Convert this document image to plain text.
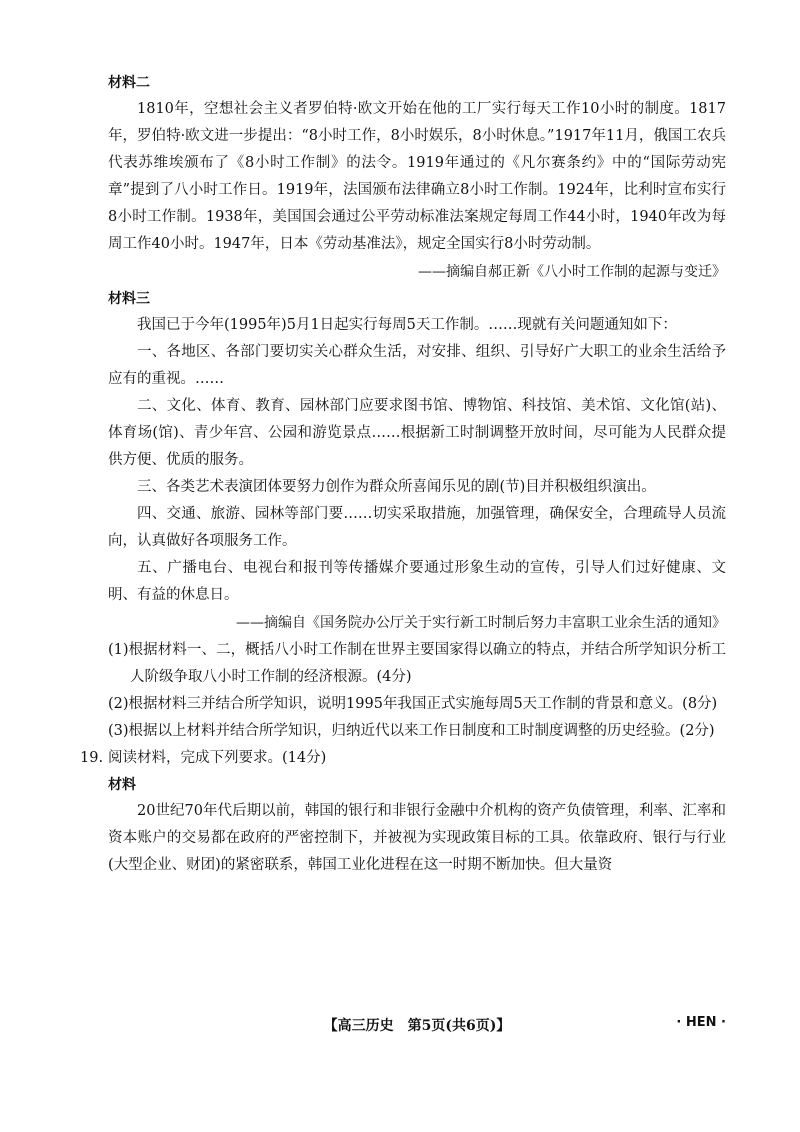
材料二

1810年，空想社会主义者罗伯特·欧文开始在他的工厂实行每天工作10小时的制度。1817年，罗伯特·欧文进一步提出：“8小时工作，8小时娱乐，8小时休息。”1917年11月，俄国工农兵代表苏维埃颁布了《8小时工作制》的法令。1919年通过的《凡尔赛条约》中的“国际劳动宪章”提到了八小时工作日。1919年，法国颁布法律确立8小时工作制。1924年，比利时宣布实行8小时工作制。1938年，美国国会通过公平劳动标准法案规定每周工作44小时，1940年改为每周工作40小时。1947年，日本《劳动基准法》，规定全国实行8小时劳动制。

——摘编自郝正新《八小时工作制的起源与变迁》

材料三

我国已于今年(1995年)5月1日起实行每周5天工作制。……现就有关问题通知如下：

一、各地区、各部门要切实关心群众生活，对安排、组织、引导好广大职工的业余生活给予应有的重视。……

二、文化、体育、教育、园林部门应要求图书馆、博物馆、科技馆、美术馆、文化馆(站)、体育场(馆)、青少年宫、公园和游览景点……根据新工时制调整开放时间，尽可能为人民群众提供方便、优质的服务。

三、各类艺术表演团体要努力创作为群众所喜闻乐见的剧(节)目并积极组织演出。

四、交通、旅游、园林等部门要……切实采取措施，加强管理，确保安全，合理疏导人员流向，认真做好各项服务工作。

五、广播电台、电视台和报刊等传播媒介要通过形象生动的宣传，引导人们过好健康、文明、有益的休息日。

——摘编自《国务院办公厅关于实行新工时制后努力丰富职工业余生活的通知》

(1)根据材料一、二，概括八小时工作制在世界主要国家得以确立的特点，并结合所学知识分析工人阶级争取八小时工作制的经济根源。(4分)

(2)根据材料三并结合所学知识，说明1995年我国正式实施每周5天工作制的背景和意义。(8分)

(3)根据以上材料并结合所学知识，归纳近代以来工作日制度和工时制度调整的历史经验。(2分)

19. 阅读材料，完成下列要求。(14分)

材料

20世纪70年代后期以前，韩国的银行和非银行金融中介机构的资产负债管理，利率、汇率和资本账户的交易都在政府的严密控制下，并被视为实现政策目标的工具。依靠政府、银行与行业(大型企业、财团)的紧密联系，韩国工业化进程在这一时期不断加快。但大量资

【高三历史　第5页(共6页)】	· HEN ·
